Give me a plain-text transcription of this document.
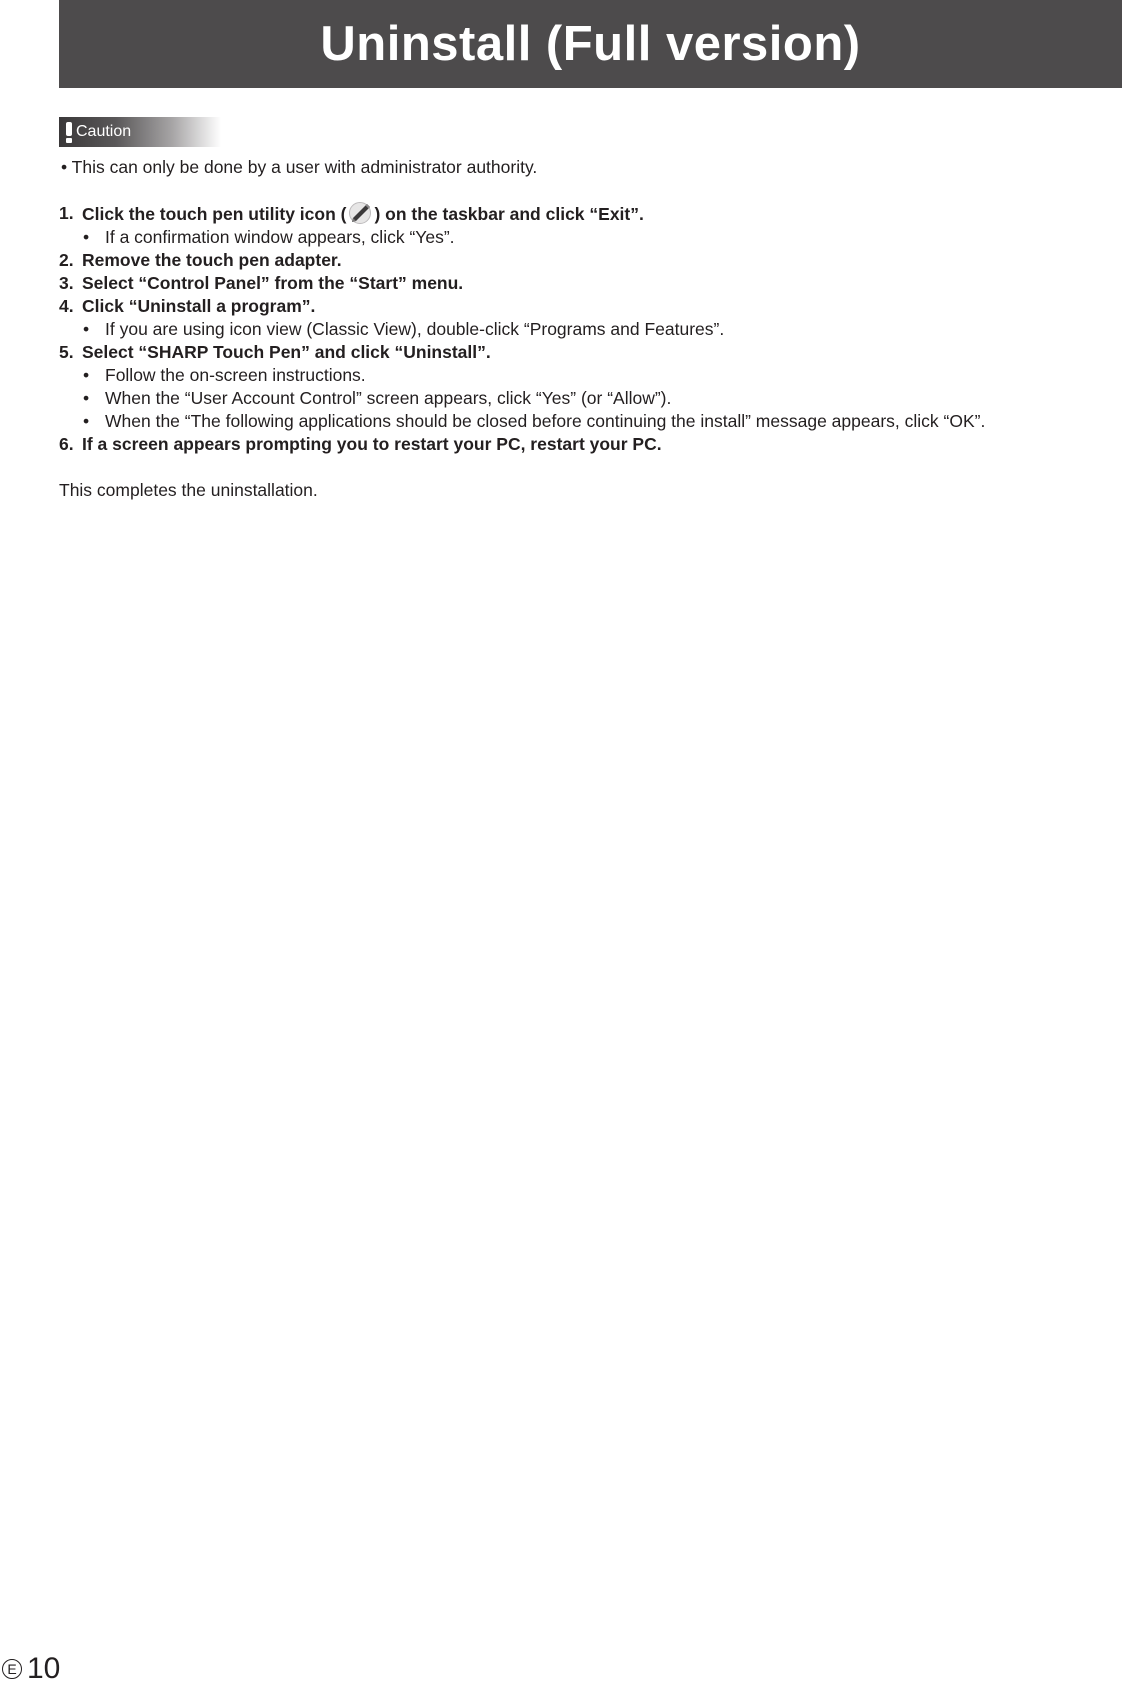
Uninstall (Full version)
Caution
• This can only be done by a user with administrator authority.
1. Click the touch pen utility icon ( ) on the taskbar and click “Exit”.
• If a confirmation window appears, click “Yes”.
2. Remove the touch pen adapter.
3. Select “Control Panel” from the “Start” menu.
4. Click “Uninstall a program”.
• If you are using icon view (Classic View), double-click “Programs and Features”.
5. Select “SHARP Touch Pen” and click “Uninstall”.
• Follow the on-screen instructions.
• When the “User Account Control” screen appears, click “Yes” (or “Allow”).
• When the “The following applications should be closed before continuing the install” message appears, click “OK”.
6. If a screen appears prompting you to restart your PC, restart your PC.
This completes the uninstallation.
E 10
